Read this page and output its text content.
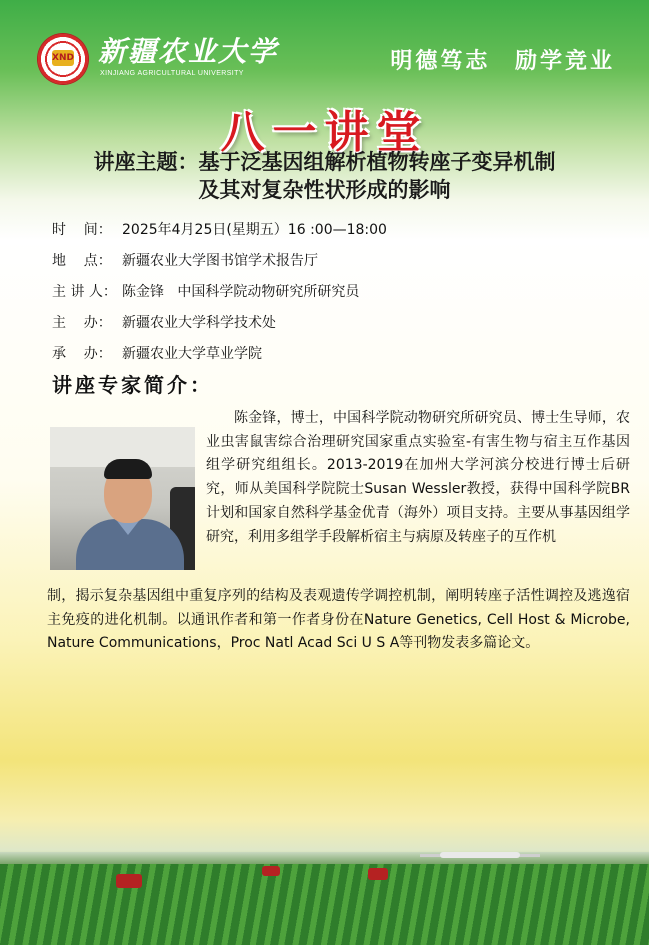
XND 新疆农业大学
XINJIANG AGRICULTURAL UNIVERSITY	明德笃志 励学竞业
八一讲堂
讲座主题：基于泛基因组解析植物转座子变异机制
及其对复杂性状形成的影响
时    间： 2025年4月25日(星期五）16 :00—18:00
地    点： 新疆农业大学图书馆学术报告厅
主 讲 人： 陈金锋   中国科学院动物研究所研究员
主    办： 新疆农业大学科学技术处
承    办： 新疆农业大学草业学院
讲座专家简介：

陈金锋，博士，中国科学院动物研究所研究员、博士生导师，农业虫害鼠害综合治理研究国家重点实验室-有害生物与宿主互作基因组学研究组组长。2013-2019在加州大学河滨分校进行博士后研究，师从美国科学院院士Susan Wessler教授，获得中国科学院BR计划和国家自然科学基金优青（海外）项目支持。主要从事基因组学研究，利用多组学手段解析宿主与病原及转座子的互作机

制，揭示复杂基因组中重复序列的结构及表观遗传学调控机制，阐明转座子活性调控及逃逸宿主免疫的进化机制。以通讯作者和第一作者身份在Nature Genetics, Cell Host & Microbe, Nature Communications，Proc Natl Acad Sci U S A等刊物发表多篇论文。
